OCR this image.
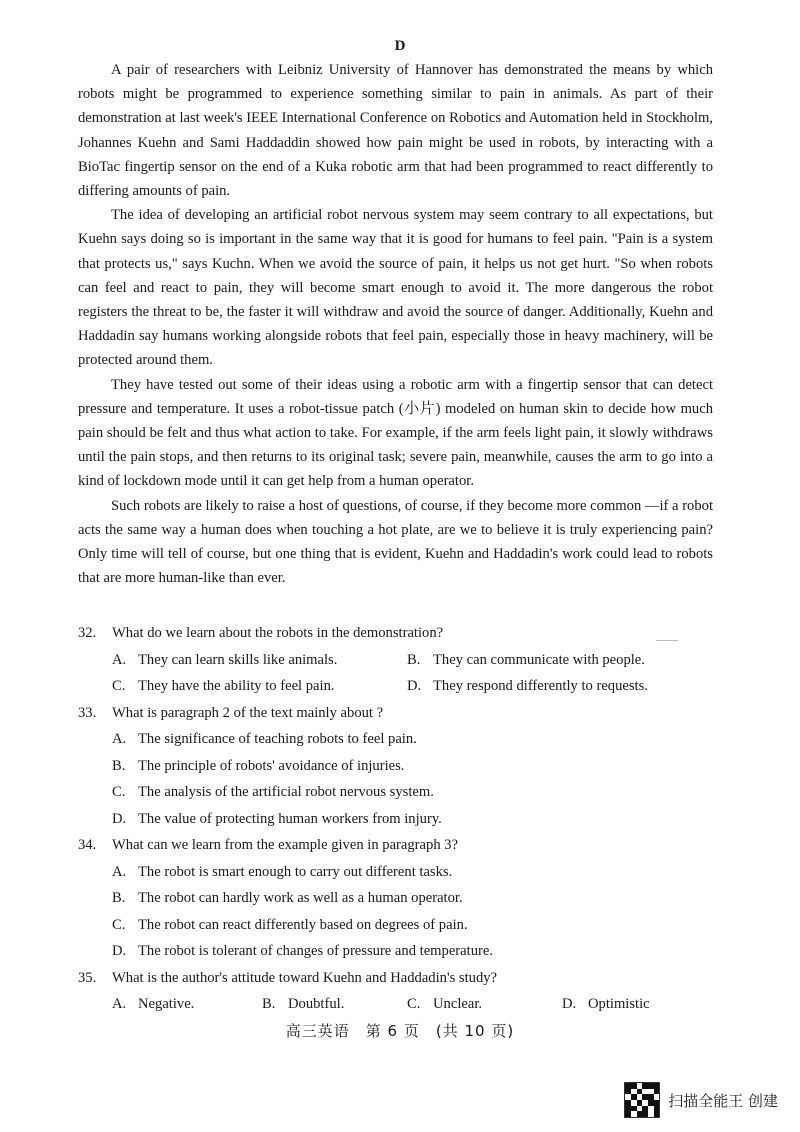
D

A pair of researchers with Leibniz University of Hannover has demonstrated the means by which robots might be programmed to experience something similar to pain in animals. As part of their demonstration at last week's IEEE International Conference on Robotics and Automation held in Stockholm, Johannes Kuehn and Sami Haddaddin showed how pain might be used in robots, by interacting with a BioTac fingertip sensor on the end of a Kuka robotic arm that had been programmed to react differently to differing amounts of pain.

The idea of developing an artificial robot nervous system may seem contrary to all expectations, but Kuehn says doing so is important in the same way that it is good for humans to feel pain. "Pain is a system that protects us," says Kuchn. When we avoid the source of pain, it helps us not get hurt. "So when robots can feel and react to pain, they will become smart enough to avoid it. The more dangerous the robot registers the threat to be, the faster it will withdraw and avoid the source of danger. Additionally, Kuehn and Haddadin say humans working alongside robots that feel pain, especially those in heavy machinery, will be protected around them.

They have tested out some of their ideas using a robotic arm with a fingertip sensor that can detect pressure and temperature. It uses a robot-tissue patch (小片) modeled on human skin to decide how much pain should be felt and thus what action to take. For example, if the arm feels light pain, it slowly withdraws until the pain stops, and then returns to its original task; severe pain, meanwhile, causes the arm to go into a kind of lockdown mode until it can get help from a human operator.

Such robots are likely to raise a host of questions, of course, if they become more common —if a robot acts the same way a human does when touching a hot plate, are we to believe it is truly experiencing pain? Only time will tell of course, but one thing that is evident, Kuehn and Haddadin's work could lead to robots that are more human-like than ever.

32. What do we learn about the robots in the demonstration?
A. They can learn skills like animals.	B. They can communicate with people.
C. They have the ability to feel pain.	D. They respond differently to requests.
33. What is paragraph 2 of the text mainly about ?
A. The significance of teaching robots to feel pain.
B. The principle of robots' avoidance of injuries.
C. The analysis of the artificial robot nervous system.
D. The value of protecting human workers from injury.
34. What can we learn from the example given in paragraph 3?
A. The robot is smart enough to carry out different tasks.
B. The robot can hardly work as well as a human operator.
C. The robot can react differently based on degrees of pain.
D. The robot is tolerant of changes of pressure and temperature.
35. What is the author's attitude toward Kuehn and Haddadin's study?
A. Negative.	B. Doubtful.	C. Unclear.	D. Optimistic
高三英语　第 6 页　(共 10 页)
扫描全能王 创建
